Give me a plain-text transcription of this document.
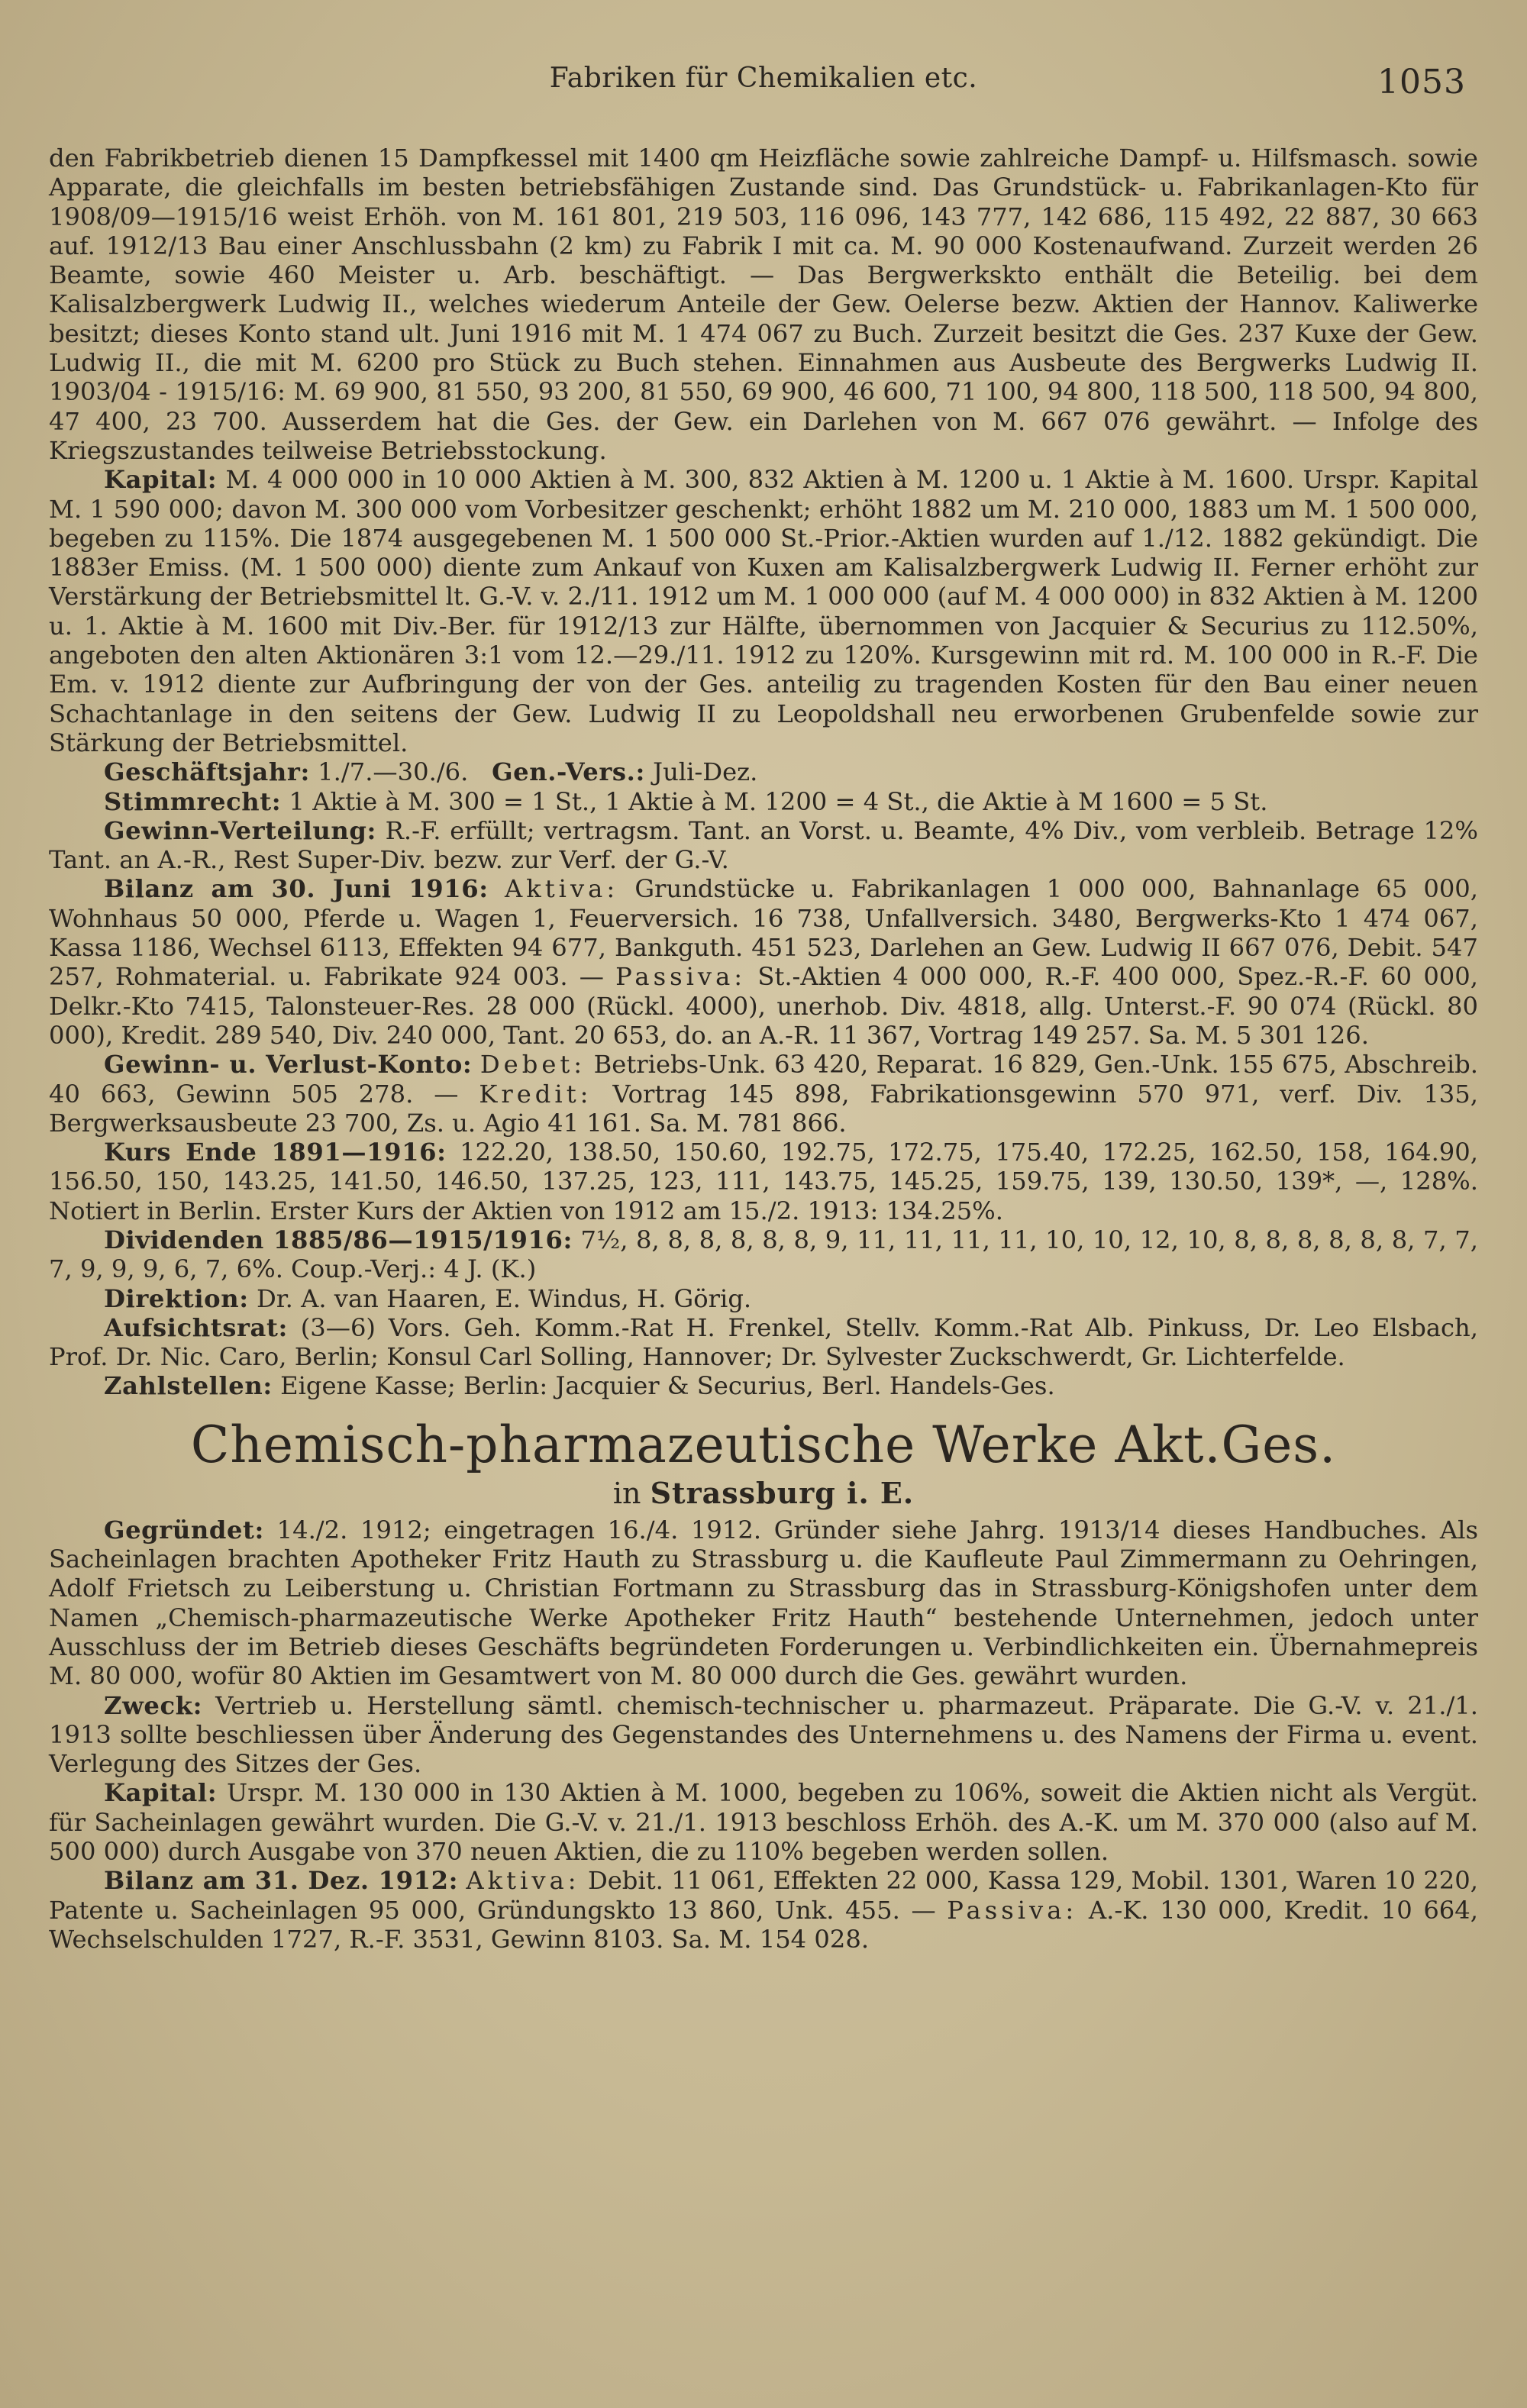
Fabriken für Chemikalien etc.	1053

den Fabrikbetrieb dienen 15 Dampfkessel mit 1400 qm Heizfläche sowie zahlreiche Dampf- u. Hilfsmasch. sowie Apparate, die gleichfalls im besten betriebsfähigen Zustande sind. Das Grundstück- u. Fabrikanlagen-Kto für 1908/09—1915/16 weist Erhöh. von M. 161 801, 219 503, 116 096, 143 777, 142 686, 115 492, 22 887, 30 663 auf. 1912/13 Bau einer Anschlussbahn (2 km) zu Fabrik I mit ca. M. 90 000 Kostenaufwand. Zurzeit werden 26 Beamte, sowie 460 Meister u. Arb. beschäftigt. — Das Bergwerksktο enthält die Beteilig. bei dem Kalisalzbergwerk Ludwig II., welches wiederum Anteile der Gew. Oelerse bezw. Aktien der Hannov. Kaliwerke besitzt; dieses Konto stand ult. Juni 1916 mit M. 1 474 067 zu Buch. Zurzeit besitzt die Ges. 237 Kuxe der Gew. Ludwig II., die mit M. 6200 pro Stück zu Buch stehen. Einnahmen aus Ausbeute des Bergwerks Ludwig II. 1903/04 - 1915/16: M. 69 900, 81 550, 93 200, 81 550, 69 900, 46 600, 71 100, 94 800, 118 500, 118 500, 94 800, 47 400, 23 700. Ausserdem hat die Ges. der Gew. ein Darlehen von M. 667 076 gewährt. — Infolge des Kriegszustandes teilweise Betriebsstockung.

Kapital: M. 4 000 000 in 10 000 Aktien à M. 300, 832 Aktien à M. 1200 u. 1 Aktie à M. 1600. Urspr. Kapital M. 1 590 000; davon M. 300 000 vom Vorbesitzer geschenkt; erhöht 1882 um M. 210 000, 1883 um M. 1 500 000, begeben zu 115%. Die 1874 ausgegebenen M. 1 500 000 St.-Prior.-Aktien wurden auf 1./12. 1882 gekündigt. Die 1883er Emiss. (M. 1 500 000) diente zum Ankauf von Kuxen am Kalisalzbergwerk Ludwig II. Ferner erhöht zur Verstärkung der Betriebsmittel lt. G.-V. v. 2./11. 1912 um M. 1 000 000 (auf M. 4 000 000) in 832 Aktien à M. 1200 u. 1. Aktie à M. 1600 mit Div.-Ber. für 1912/13 zur Hälfte, übernommen von Jacquier & Securius zu 112.50%, angeboten den alten Aktionären 3:1 vom 12.—29./11. 1912 zu 120%. Kursgewinn mit rd. M. 100 000 in R.-F. Die Em. v. 1912 diente zur Aufbringung der von der Ges. anteilig zu tragenden Kosten für den Bau einer neuen Schachtanlage in den seitens der Gew. Ludwig II zu Leopoldshall neu erworbenen Grubenfelde sowie zur Stärkung der Betriebsmittel.

Geschäftsjahr: 1./7.—30./6. Gen.-Vers.: Juli-Dez.

Stimmrecht: 1 Aktie à M. 300 = 1 St., 1 Aktie à M. 1200 = 4 St., die Aktie à M 1600 = 5 St.

Gewinn-Verteilung: R.-F. erfüllt; vertragsm. Tant. an Vorst. u. Beamte, 4% Div., vom verbleib. Betrage 12% Tant. an A.-R., Rest Super-Div. bezw. zur Verf. der G.-V.

Bilanz am 30. Juni 1916: Aktiva: Grundstücke u. Fabrikanlagen 1 000 000, Bahnanlage 65 000, Wohnhaus 50 000, Pferde u. Wagen 1, Feuerversich. 16 738, Unfallversich. 3480, Bergwerks-Kto 1 474 067, Kassa 1186, Wechsel 6113, Effekten 94 677, Bankguth. 451 523, Darlehen an Gew. Ludwig II 667 076, Debit. 547 257, Rohmaterial. u. Fabrikate 924 003. — Passiva: St.-Aktien 4 000 000, R.-F. 400 000, Spez.-R.-F. 60 000, Delkr.-Kto 7415, Talonsteuer-Res. 28 000 (Rückl. 4000), unerhob. Div. 4818, allg. Unterst.-F. 90 074 (Rückl. 80 000), Kredit. 289 540, Div. 240 000, Tant. 20 653, do. an A.-R. 11 367, Vortrag 149 257. Sa. M. 5 301 126.

Gewinn- u. Verlust-Konto: Debet: Betriebs-Unk. 63 420, Reparat. 16 829, Gen.-Unk. 155 675, Abschreib. 40 663, Gewinn 505 278. — Kredit: Vortrag 145 898, Fabrikationsgewinn 570 971, verf. Div. 135, Bergwerksausbeute 23 700, Zs. u. Agio 41 161. Sa. M. 781 866.

Kurs Ende 1891—1916: 122.20, 138.50, 150.60, 192.75, 172.75, 175.40, 172.25, 162.50, 158, 164.90, 156.50, 150, 143.25, 141.50, 146.50, 137.25, 123, 111, 143.75, 145.25, 159.75, 139, 130.50, 139*, —, 128%. Notiert in Berlin. Erster Kurs der Aktien von 1912 am 15./2. 1913: 134.25%.

Dividenden 1885/86—1915/1916: 7½, 8, 8, 8, 8, 8, 8, 9, 11, 11, 11, 11, 10, 10, 12, 10, 8, 8, 8, 8, 8, 8, 7, 7, 7, 9, 9, 9, 6, 7, 6%. Coup.-Verj.: 4 J. (K.)

Direktion: Dr. A. van Haaren, E. Windus, H. Görig.

Aufsichtsrat: (3—6) Vors. Geh. Komm.-Rat H. Frenkel, Stellv. Komm.-Rat Alb. Pinkuss, Dr. Leo Elsbach, Prof. Dr. Nic. Caro, Berlin; Konsul Carl Solling, Hannover; Dr. Sylvester Zuckschwerdt, Gr. Lichterfelde.

Zahlstellen: Eigene Kasse; Berlin: Jacquier & Securius, Berl. Handels-Ges.

Chemisch-pharmazeutische Werke Akt.Ges.
in Strassburg i. E.

Gegründet: 14./2. 1912; eingetragen 16./4. 1912. Gründer siehe Jahrg. 1913/14 dieses Handbuches. Als Sacheinlagen brachten Apotheker Fritz Hauth zu Strassburg u. die Kaufleute Paul Zimmermann zu Oehringen, Adolf Frietsch zu Leiberstung u. Christian Fortmann zu Strassburg das in Strassburg-Königshofen unter dem Namen „Chemisch-pharmazeutische Werke Apotheker Fritz Hauth“ bestehende Unternehmen, jedoch unter Ausschluss der im Betrieb dieses Geschäfts begründeten Forderungen u. Verbindlichkeiten ein. Übernahmepreis M. 80 000, wofür 80 Aktien im Gesamtwert von M. 80 000 durch die Ges. gewährt wurden.

Zweck: Vertrieb u. Herstellung sämtl. chemisch-technischer u. pharmazeut. Präparate. Die G.-V. v. 21./1. 1913 sollte beschliessen über Änderung des Gegenstandes des Unternehmens u. des Namens der Firma u. event. Verlegung des Sitzes der Ges.

Kapital: Urspr. M. 130 000 in 130 Aktien à M. 1000, begeben zu 106%, soweit die Aktien nicht als Vergüt. für Sacheinlagen gewährt wurden. Die G.-V. v. 21./1. 1913 beschloss Erhöh. des A.-K. um M. 370 000 (also auf M. 500 000) durch Ausgabe von 370 neuen Aktien, die zu 110% begeben werden sollen.

Bilanz am 31. Dez. 1912: Aktiva: Debit. 11 061, Effekten 22 000, Kassa 129, Mobil. 1301, Waren 10 220, Patente u. Sacheinlagen 95 000, Gründungskto 13 860, Unk. 455. — Passiva: A.-K. 130 000, Kredit. 10 664, Wechselschulden 1727, R.-F. 3531, Gewinn 8103. Sa. M. 154 028.
